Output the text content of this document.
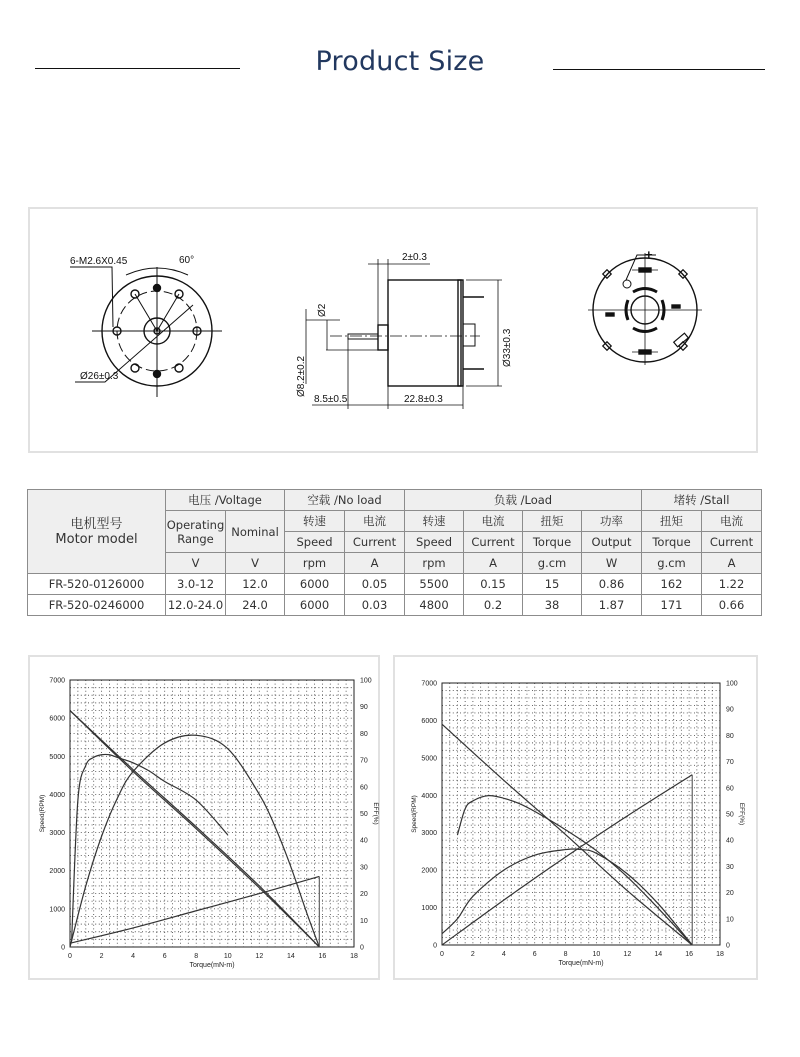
Product Size
6-M2.6X0.45	60°
Ø26±0.3
2±0.3
Ø2
Ø8.2±0.2
Ø33±0.3
8.5±0.5	22.8±0.3
+
电机型号
Motor model	电压 /Voltage		空载 /No load		负载 /Load				堵转 /Stall	

	Operating
Range	Nominal	转速	电流	转速	电流	扭矩	功率	扭矩	电流
			Speed	Current	Speed	Current	Torque	Output	Torque	Current
	V	V	rpm	A	rpm	A	g.cm	W	g.cm	A
FR-520-0126000	3.0-12	12.0	6000	0.05	5500	0.15	15	0.86	162	1.22
FR-520-0246000	12.0-24.0	24.0	6000	0.03	4800	0.2	38	1.87	171	0.66
0	2	4	6	8	10	12	14	16	18
0
1000
2000
3000
4000
5000
6000
7000
0
10
20
30
40
50
60
70
80
90
100
Torque(mN-m)
Speed(RPM)	EFF(%)
0	2	4	6	8	10	12	14	16	18
0
1000
2000
3000
4000
5000
6000
7000
0
10
20
30
40
50
60
70
80
90
100
Torque(mN-m)
Speed(RPM)	EFF(%)
